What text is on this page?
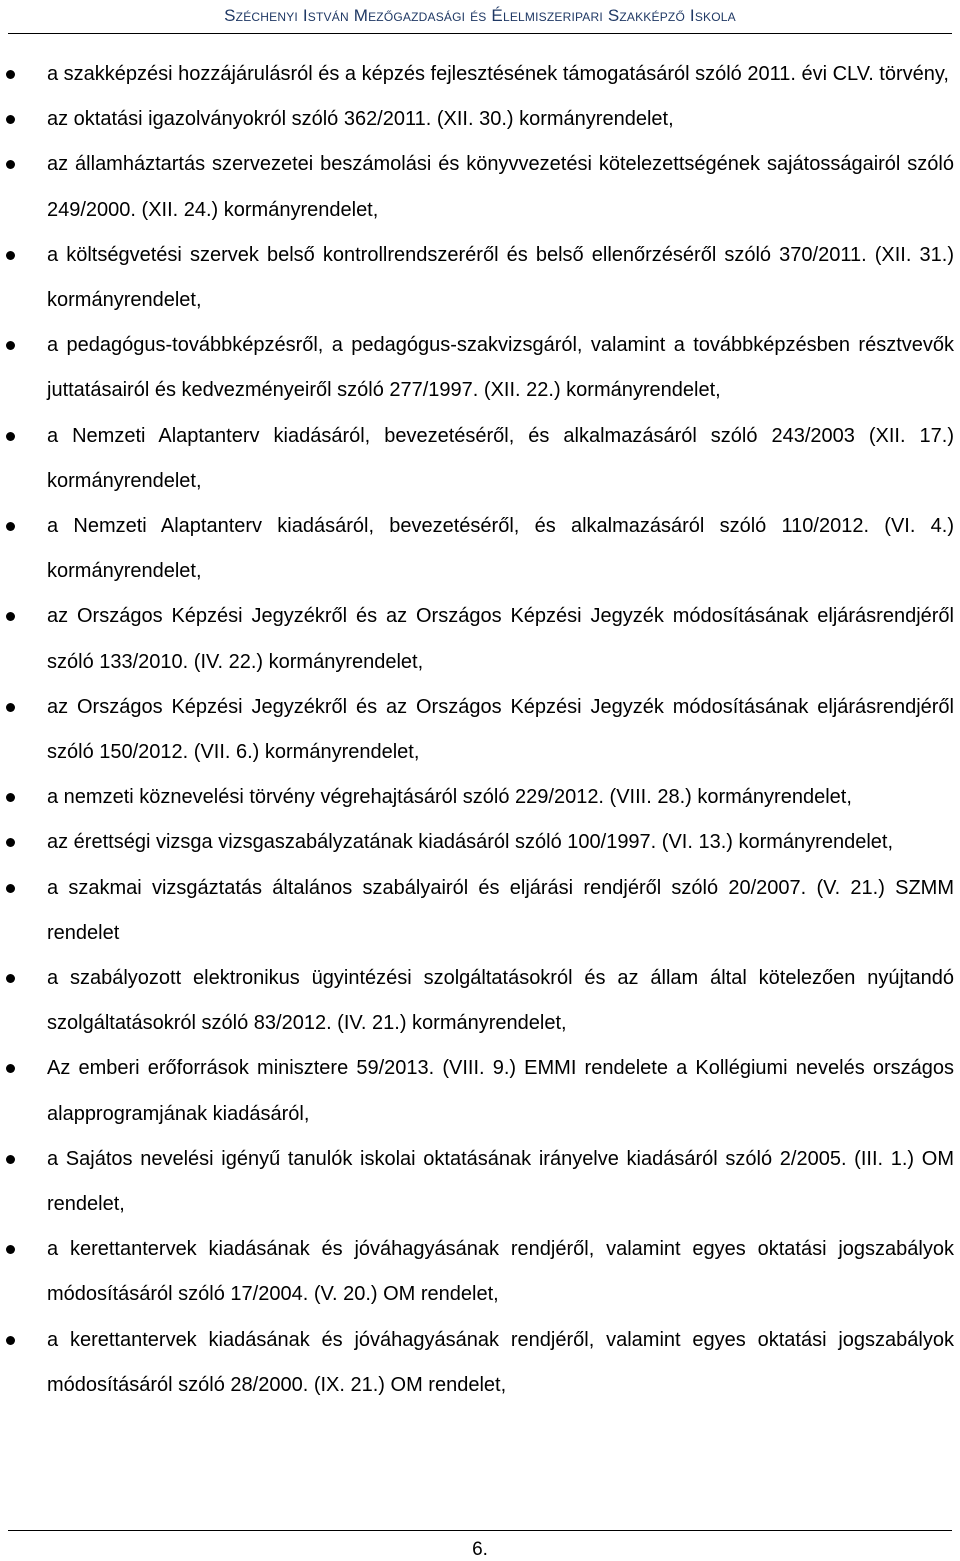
Széchenyi István Mezőgazdasági és Élelmiszeripari Szakképző Iskola
a szakképzési hozzájárulásról és a képzés fejlesztésének támogatásáról szóló 2011. évi CLV. törvény,
az oktatási igazolványokról szóló 362/2011. (XII. 30.) kormányrendelet,
az államháztartás szervezetei beszámolási és könyvvezetési kötelezettségének sajátosságairól szóló 249/2000. (XII. 24.) kormányrendelet,
a költségvetési szervek belső kontrollrendszeréről és belső ellenőrzéséről szóló 370/2011. (XII. 31.) kormányrendelet,
a pedagógus-továbbképzésről, a pedagógus-szakvizsgáról, valamint a továbbképzésben résztvevők juttatásairól és kedvezményeiről szóló 277/1997. (XII. 22.) kormányrendelet,
a Nemzeti Alaptanterv kiadásáról, bevezetéséről, és alkalmazásáról szóló 243/2003 (XII. 17.) kormányrendelet,
a Nemzeti Alaptanterv kiadásáról, bevezetéséről, és alkalmazásáról szóló 110/2012. (VI. 4.) kormányrendelet,
az Országos Képzési Jegyzékről és az Országos Képzési Jegyzék módosításának eljárásrendjéről szóló 133/2010. (IV. 22.) kormányrendelet,
az Országos Képzési Jegyzékről és az Országos Képzési Jegyzék módosításának eljárásrendjéről szóló 150/2012. (VII. 6.) kormányrendelet,
a nemzeti köznevelési törvény végrehajtásáról szóló 229/2012. (VIII. 28.) kormányrendelet,
az érettségi vizsga vizsgaszabályzatának kiadásáról szóló 100/1997. (VI. 13.) kormányrendelet,
a szakmai vizsgáztatás általános szabályairól és eljárási rendjéről szóló 20/2007. (V. 21.) SZMM rendelet
a szabályozott elektronikus ügyintézési szolgáltatásokról és az állam által kötelezően nyújtandó szolgáltatásokról szóló 83/2012. (IV. 21.) kormányrendelet,
Az emberi erőforrások minisztere 59/2013. (VIII. 9.) EMMI rendelete a Kollégiumi nevelés országos alapprogramjának kiadásáról,
a Sajátos nevelési igényű tanulók iskolai oktatásának irányelve kiadásáról szóló 2/2005. (III. 1.) OM rendelet,
a kerettantervek kiadásának és jóváhagyásának rendjéről, valamint egyes oktatási jogszabályok módosításáról szóló 17/2004. (V. 20.) OM rendelet,
a kerettantervek kiadásának és jóváhagyásának rendjéről, valamint egyes oktatási jogszabályok módosításáról szóló 28/2000. (IX. 21.) OM rendelet,
6.
